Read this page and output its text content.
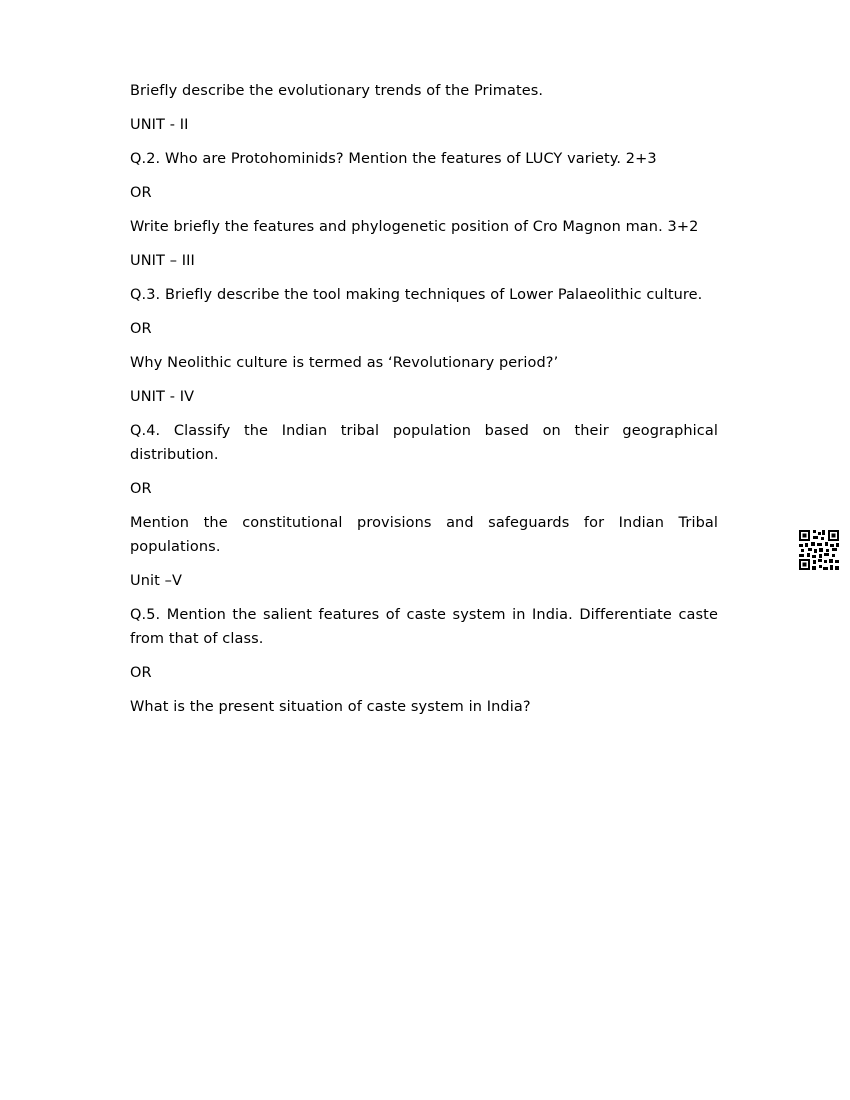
Briefly describe the evolutionary trends of the Primates.
UNIT - II
Q.2. Who are Protohominids? Mention the features of LUCY variety. 2+3
OR
Write briefly the features and phylogenetic position of Cro Magnon man. 3+2
UNIT – III
Q.3. Briefly describe the tool making techniques of Lower Palaeolithic culture.
OR
Why Neolithic culture is termed as ‘Revolutionary period?’
UNIT - IV
Q.4. Classify the Indian tribal population based on their geographical distribution.
OR
Mention the constitutional provisions and safeguards for Indian Tribal populations.
Unit –V
Q.5. Mention the salient features of caste system in India. Differentiate caste from that of class.
OR
What is the present situation of caste system in India?
